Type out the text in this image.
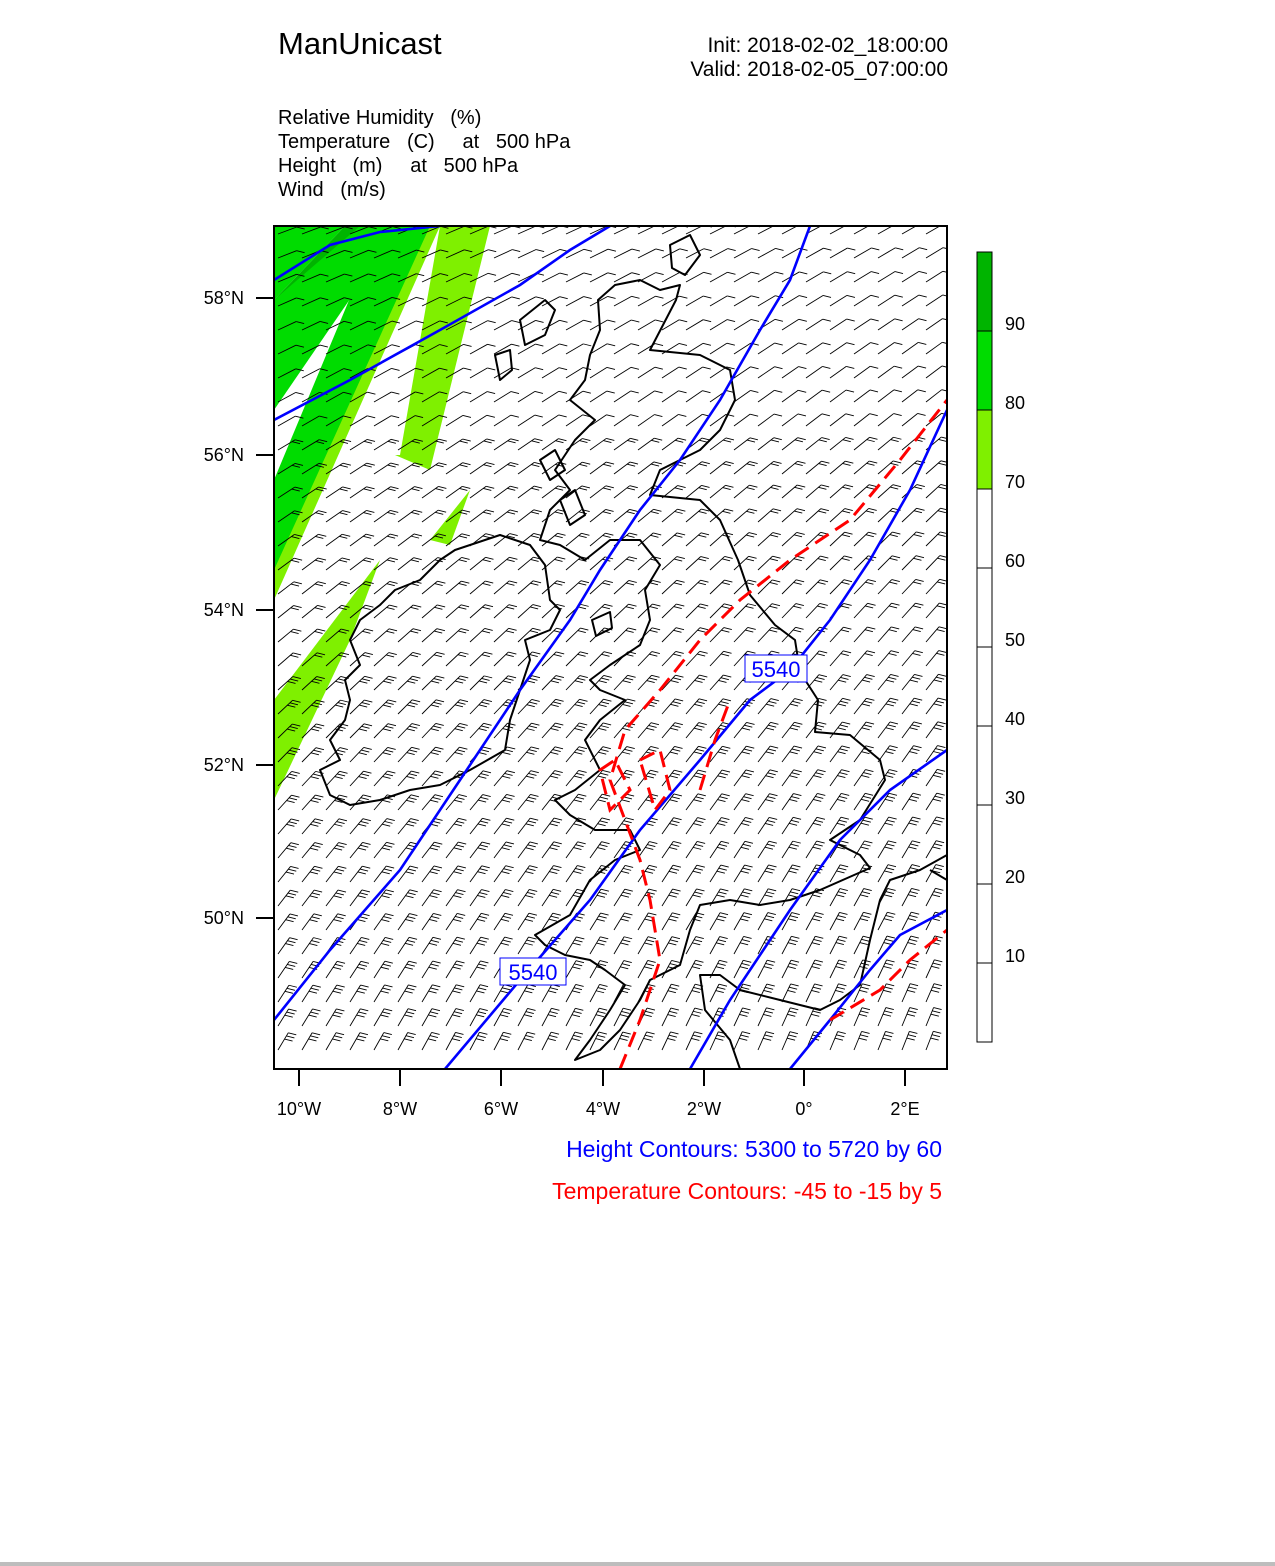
ManUnicast	Init: 2018-02-02_18:00:00
Valid: 2018-02-05_07:00:00
Relative Humidity   (%)
Temperature   (C)     at   500 hPa
Height   (m)     at   500 hPa
Wind   (m/s)
5540
5540
58°N
56°N
54°N
52°N
50°N
10°W	8°W	6°W	4°W	2°W	0°	2°E
90
80
70
60
50
40
30
20
10
Height Contours: 5300 to 5720 by 60
Temperature Contours: -45 to -15 by 5
